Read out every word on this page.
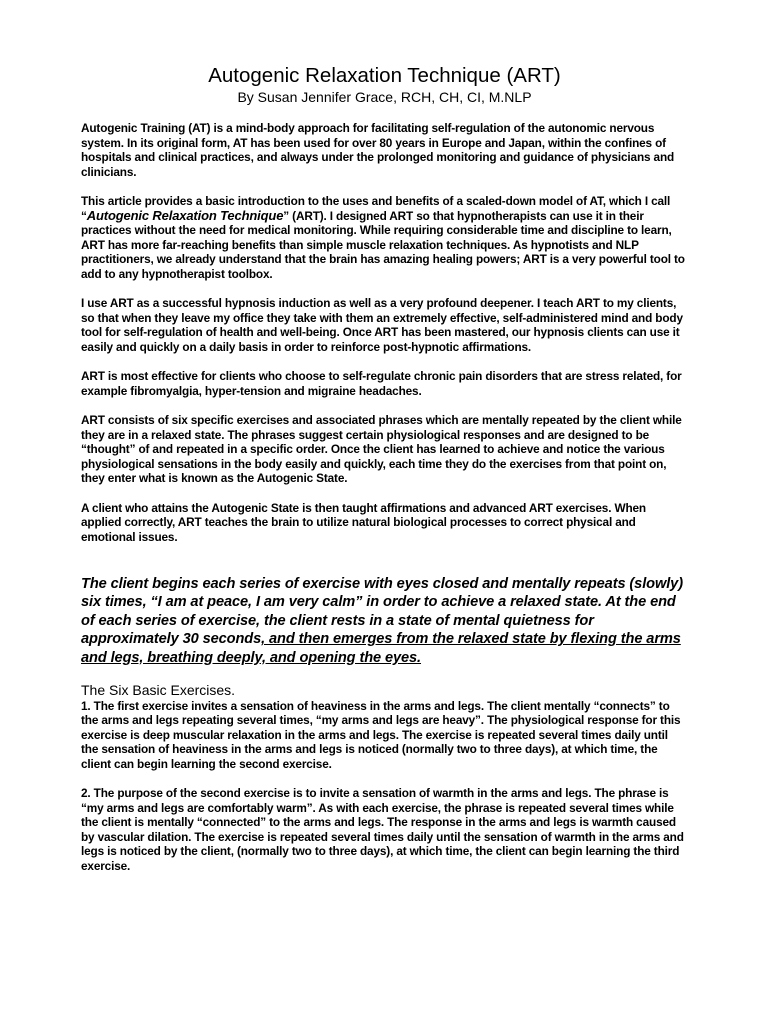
Autogenic Relaxation Technique (ART)
By Susan Jennifer Grace, RCH, CH, CI, M.NLP

Autogenic Training (AT) is a mind-body approach for facilitating self-regulation of the autonomic nervous system. In its original form, AT has been used for over 80 years in Europe and Japan, within the confines of hospitals and clinical practices, and always under the prolonged monitoring and guidance of physicians and clinicians.

This article provides a basic introduction to the uses and benefits of a scaled-down model of AT, which I call “Autogenic Relaxation Technique” (ART). I designed ART so that hypnotherapists can use it in their practices without the need for medical monitoring. While requiring considerable time and discipline to learn, ART has more far-reaching benefits than simple muscle relaxation techniques. As hypnotists and NLP practitioners, we already understand that the brain has amazing healing powers; ART is a very powerful tool to add to any hypnotherapist toolbox.

I use ART as a successful hypnosis induction as well as a very profound deepener. I teach ART to my clients, so that when they leave my office they take with them an extremely effective, self-administered mind and body tool for self-regulation of health and well-being. Once ART has been mastered, our hypnosis clients can use it easily and quickly on a daily basis in order to reinforce post-hypnotic affirmations.

ART is most effective for clients who choose to self-regulate chronic pain disorders that are stress related, for example fibromyalgia, hyper-tension and migraine headaches.

ART consists of six specific exercises and associated phrases which are mentally repeated by the client while they are in a relaxed state. The phrases suggest certain physiological responses and are designed to be “thought” of and repeated in a specific order. Once the client has learned to achieve and notice the various physiological sensations in the body easily and quickly, each time they do the exercises from that point on, they enter what is known as the Autogenic State.

A client who attains the Autogenic State is then taught affirmations and advanced ART exercises. When applied correctly, ART teaches the brain to utilize natural biological processes to correct physical and emotional issues.

The client begins each series of exercise with eyes closed and mentally repeats (slowly) six times, “I am at peace, I am very calm” in order to achieve a relaxed state. At the end of each series of exercise, the client rests in a state of mental quietness for approximately 30 seconds, and then emerges from the relaxed state by flexing the arms and legs, breathing deeply, and opening the eyes.

The Six Basic Exercises.

1. The first exercise invites a sensation of heaviness in the arms and legs. The client mentally “connects” to the arms and legs repeating several times, “my arms and legs are heavy”. The physiological response for this exercise is deep muscular relaxation in the arms and legs. The exercise is repeated several times daily until the sensation of heaviness in the arms and legs is noticed (normally two to three days), at which time, the client can begin learning the second exercise.

2. The purpose of the second exercise is to invite a sensation of warmth in the arms and legs. The phrase is “my arms and legs are comfortably warm”. As with each exercise, the phrase is repeated several times while the client is mentally “connected” to the arms and legs. The response in the arms and legs is warmth caused by vascular dilation. The exercise is repeated several times daily until the sensation of warmth in the arms and legs is noticed by the client, (normally two to three days), at which time, the client can begin learning the third exercise.
